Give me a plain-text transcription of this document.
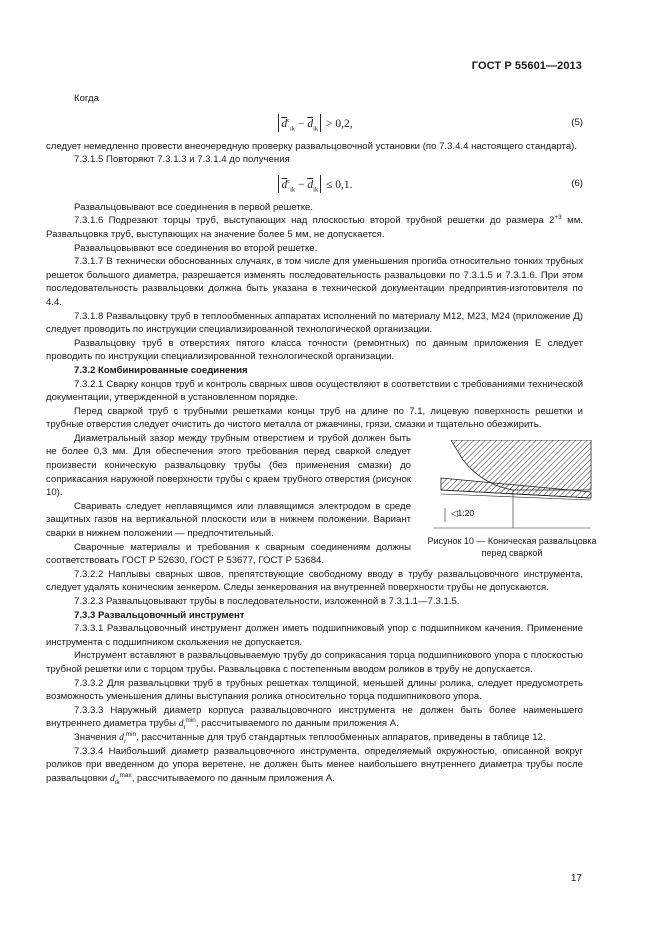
ГОСТ Р 55601—2013

Когда

$\overline{d}^с_{ik} - \overline{d}_{ik} > 0,2$,	(5)

следует немедленно провести внеочередную проверку развальцовочной установки (по 7.3.4.4 настоящего стандарта).

7.3.1.5 Повторяют 7.3.1.3 и 7.3.1.4 до получения

$\overline{d}^с_{ik} - \overline{d}_{ik} \le 0,1$.	(6)

Развальцовывают все соединения в первой решетке.

7.3.1.6 Подрезают торцы труб, выступающих над плоскостью второй трубной решетки до размера $2^{+3}$ мм. Развальцовка труб, выступающих на значение более 5 мм, не допускается.

Развальцовывают все соединения во второй решетке.

7.3.1.7 В технически обоснованных случаях, в том числе для уменьшения прогиба относительно тонких трубных решеток большого диаметра, разрешается изменять последовательность развальцовки по 7.3.1.5 и 7.3.1.6. При этом последовательность развальцовки должна быть указана в технической документации предприятия-изготовителя по 4.4.

7.3.1.8 Развальцовку труб в теплообменных аппаратах исполнений по материалу М12, М23, М24 (приложение Д) следует проводить по инструкции специализированной технологической организации.

Развальцовку труб в отверстиях пятого класса точности (ремонтных) по данным приложения Е следует проводить по инструкции специализированной технологической организации.

7.3.2 Комбинированные соединения

7.3.2.1 Сварку концов труб и контроль сварных швов осуществляют в соответствии с требованиями технической документации, утвержденной в установленном порядке.

Перед сваркой труб с трубными решетками концы труб на длине по 7.1, лицевую поверхность решетки и трубные отверстия следует очистить до чистого металла от ржавчины, грязи, смазки и тщательно обезжирить.

◁1:20
Рисунок 10 — Коническая развальцовка перед сваркой

Диаметральный зазор между трубным отверстием и трубой должен быть не более 0,3 мм. Для обеспечения этого требования перед сваркой следует произвести коническую развальцовку трубы (без применения смазки) до соприкасания наружной поверхности трубы с краем трубного отверстия (рисунок 10).

Сваривать следует неплавящимся или плавящимся электродом в среде защитных газов на вертикальной плоскости или в нижнем положении. Вариант сварки в нижнем положении — предпочтительный.

Сварочные материалы и требования к сварным соединениям должны соответствовать ГОСТ Р 52630, ГОСТ Р 53677, ГОСТ Р 53684.

7.3.2.2 Наплывы сварных швов, препятствующие свободному вводу в трубу развальцовочного инструмента, следует удалять коническим зенкером. Следы зенкерования на внутренней поверхности трубы не допускаются.

7.3.2.3 Развальцовывают трубы в последовательности, изложенной в 7.3.1.1—7.3.1.5.

7.3.3 Развальцовочный инструмент

7.3.3.1 Развальцовочный инструмент должен иметь подшипниковый упор с подшипником качения. Применение инструмента с подшипником скольжения не допускается.

Инструмент вставляют в развальцовываемую трубу до соприкасания торца подшипникового упора с плоскостью трубной решетки или с торцом трубы. Развальцовка с постепенным вводом роликов в трубу не допускается.

7.3.3.2 Для развальцовки труб в трубных решетках толщиной, меньшей длины ролика, следует предусмотреть возможность уменьшения длины выступания ролика относительно торца подшипникового упора.

7.3.3.3 Наружный диаметр корпуса развальцовочного инструмента не должен быть более наименьшего внутреннего диаметра трубы $d_i^{min}$, рассчитываемого по данным приложения А.

Значения $d_i^{min}$, рассчитанные для труб стандартных теплообменных аппаратов, приведены в таблице 12.

7.3.3.4 Наибольший диаметр развальцовочного инструмента, определяемый окружностью, описанной вокруг роликов при введенном до упора веретене, не должен быть менее наибольшего внутреннего диаметра трубы после развальцовки $d_{ik}^{max}$, рассчитываемого по данным приложения А.

17
